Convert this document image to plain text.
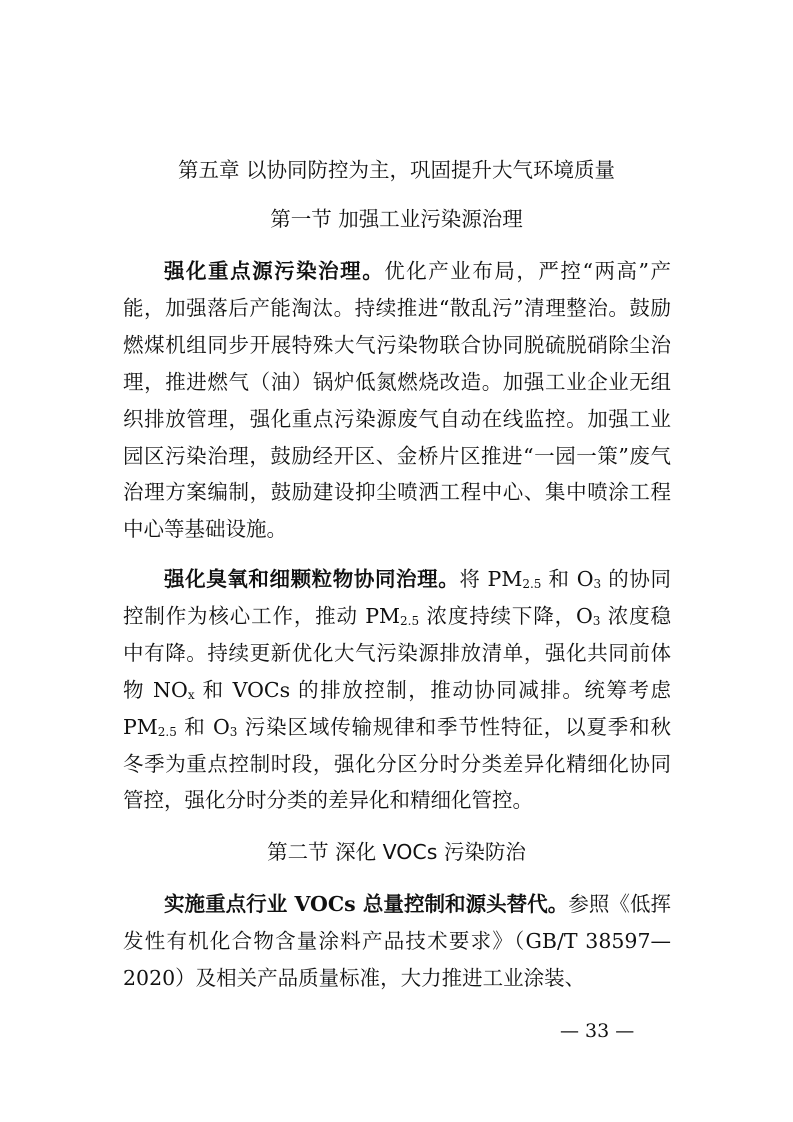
第五章 以协同防控为主，巩固提升大气环境质量
第一节 加强工业污染源治理

强化重点源污染治理。优化产业布局，严控“两高”产能，加强落后产能淘汰。持续推进“散乱污”清理整治。鼓励燃煤机组同步开展特殊大气污染物联合协同脱硫脱硝除尘治理，推进燃气（油）锅炉低氮燃烧改造。加强工业企业无组织排放管理，强化重点污染源废气自动在线监控。加强工业园区污染治理，鼓励经开区、金桥片区推进“一园一策”废气治理方案编制，鼓励建设抑尘喷洒工程中心、集中喷涂工程中心等基础设施。

强化臭氧和细颗粒物协同治理。将 PM2.5 和 O3 的协同控制作为核心工作，推动 PM2.5 浓度持续下降，O3 浓度稳中有降。持续更新优化大气污染源排放清单，强化共同前体物 NOx 和 VOCs 的排放控制，推动协同减排。统筹考虑 PM2.5 和 O3 污染区域传输规律和季节性特征，以夏季和秋冬季为重点控制时段，强化分区分时分类差异化精细化协同管控，强化分时分类的差异化和精细化管控。

第二节 深化 VOCs 污染防治

实施重点行业 VOCs 总量控制和源头替代。参照《低挥发性有机化合物含量涂料产品技术要求》（GB/T 38597—2020）及相关产品质量标准，大力推进工业涂装、

— 33 —
